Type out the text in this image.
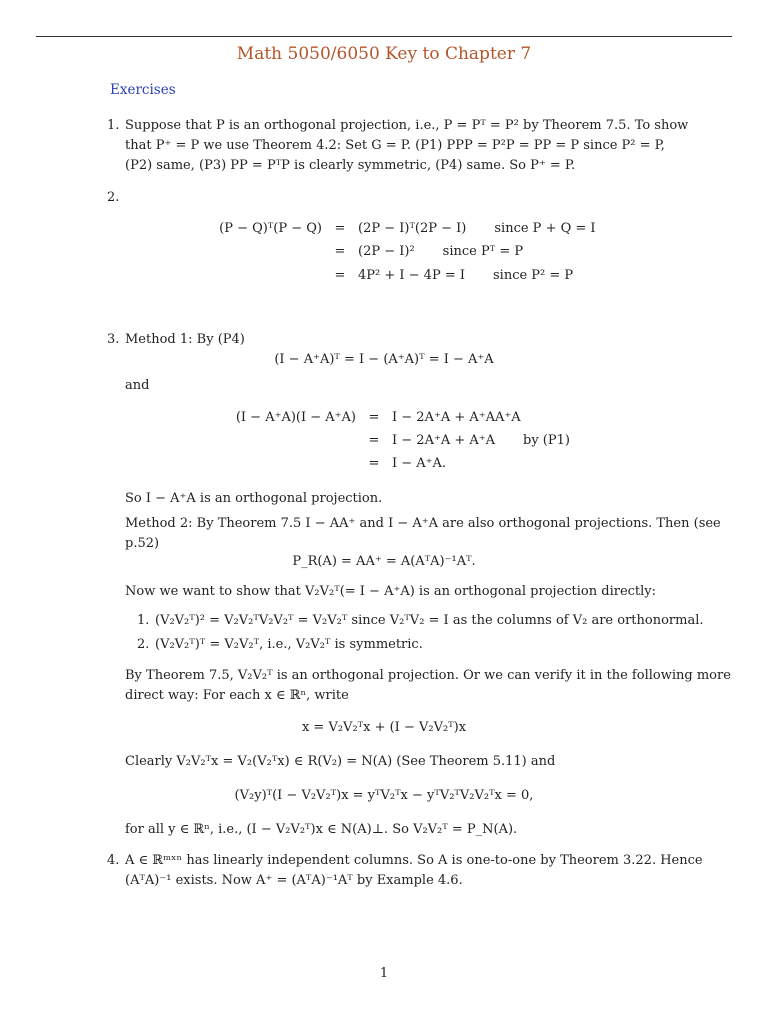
Math 5050/6050 Key to Chapter 7
Exercises
1. Suppose that P is an orthogonal projection, i.e., P = Pᵀ = P² by Theorem 7.5. To show
that P⁺ = P we use Theorem 4.2: Set G = P. (P1) PPP = P²P = PP = P since P² = P,
(P2) same, (P3) PP = PᵀP is clearly symmetric, (P4) same. So P⁺ = P.
2.
(P − Q)ᵀ(P − Q) = (2P − I)ᵀ(2P − I) since P + Q = I
= (2P − I)² since Pᵀ = P
= 4P² + I − 4P = I since P² = P
3. Method 1: By (P4)
(I − A⁺A)ᵀ = I − (A⁺A)ᵀ = I − A⁺A
and
(I − A⁺A)(I − A⁺A) = I − 2A⁺A + A⁺AA⁺A
= I − 2A⁺A + A⁺A by (P1)
= I − A⁺A.
So I − A⁺A is an orthogonal projection.
Method 2: By Theorem 7.5 I − AA⁺ and I − A⁺A are also orthogonal projections. Then (see
p.52)
P_R(A) = AA⁺ = A(AᵀA)⁻¹Aᵀ.
Now we want to show that V₂V₂ᵀ(= I − A⁺A) is an orthogonal projection directly:
1. (V₂V₂ᵀ)² = V₂V₂ᵀV₂V₂ᵀ = V₂V₂ᵀ since V₂ᵀV₂ = I as the columns of V₂ are orthonormal.
2. (V₂V₂ᵀ)ᵀ = V₂V₂ᵀ, i.e., V₂V₂ᵀ is symmetric.
By Theorem 7.5, V₂V₂ᵀ is an orthogonal projection. Or we can verify it in the following more
direct way: For each x ∈ ℝⁿ, write
x = V₂V₂ᵀx + (I − V₂V₂ᵀ)x
Clearly V₂V₂ᵀx = V₂(V₂ᵀx) ∈ R(V₂) = N(A) (See Theorem 5.11) and
(V₂y)ᵀ(I − V₂V₂ᵀ)x = yᵀV₂ᵀx − yᵀV₂ᵀV₂V₂ᵀx = 0,
for all y ∈ ℝⁿ, i.e., (I − V₂V₂ᵀ)x ∈ N(A)⊥. So V₂V₂ᵀ = P_N(A).
4. A ∈ ℝᵐˣⁿ has linearly independent columns. So A is one-to-one by Theorem 3.22. Hence
(AᵀA)⁻¹ exists. Now A⁺ = (AᵀA)⁻¹Aᵀ by Example 4.6.
1
